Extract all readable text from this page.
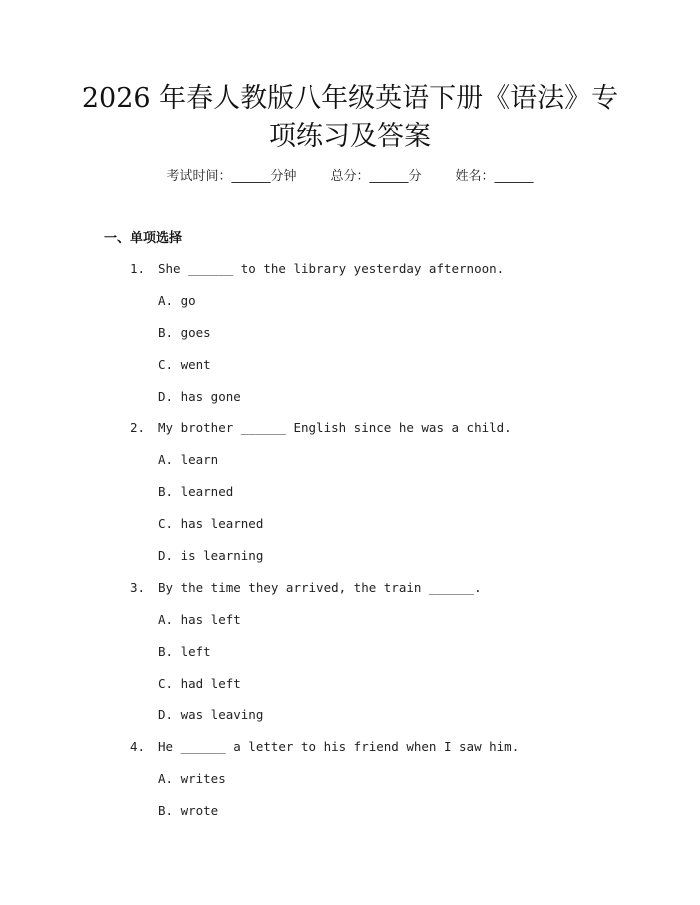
2026 年春人教版八年级英语下册《语法》专
项练习及答案
考试时间：______分钟	总分：______分	姓名：______
一、单项选择

1.

She ______ to the library yesterday afternoon.

A. go
B. goes
C. went
D. has gone

2.

My brother ______ English since he was a child.

A. learn
B. learned
C. has learned
D. is learning

3.

By the time they arrived, the train ______.

A. has left
B. left
C. had left
D. was leaving

4.

He ______ a letter to his friend when I saw him.

A. writes
B. wrote
